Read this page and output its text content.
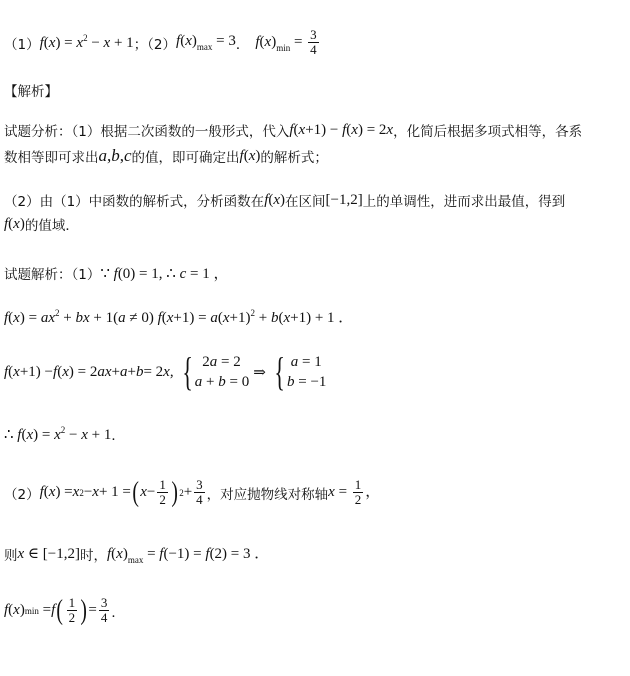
（1） $f(x) = x^2 - x + 1$ ；（2） $f(x)_{max} = 3$ ． $f(x)_{min} = \frac{3}{4}$
【解析】
试题分析：（1）根据二次函数的一般形式，代入 f(x+1) − f(x) = 2x ，化简后根据多项式相等，各系
数相等即可求出 a,b,c 的值，即可确定出 f(x) 的解析式；
（2）由（1）中函数的解析式，分析函数在 f(x) 在区间 [−1,2] 上的单调性，进而求出最值，得到
f(x) 的值域．
试题解析：（1） ∵ f(0) = 1, ∴ c = 1 ，
$f(x) = ax^2$ + bx + 1(a ≠ 0) $f(x+1) = a(x+1)^2 + b(x+1) + 1$ ．
f ( x +1) − f ( x ) = 2 ax + a + b = 2 x , { 2a = 2
a + b = 0
⇒ { a = 1
b = −1
∴ $f(x) = x^2 - x + 1$ ．
（2） f ( x ) = x 2 − x + 1 = ( $x - \frac{1}{2}$ ) $2 + \frac{3}{4}$ ，对应抛物线对称轴 $x = \frac{1}{2}$ ，
则 x ∈ [−1,2] 时， $f(x)_{max} = f(-1) = f(2) = 3$ ．
f ( x ) min = f ( $\frac{1}{2}$ ) = $\frac{3}{4}$ ．
